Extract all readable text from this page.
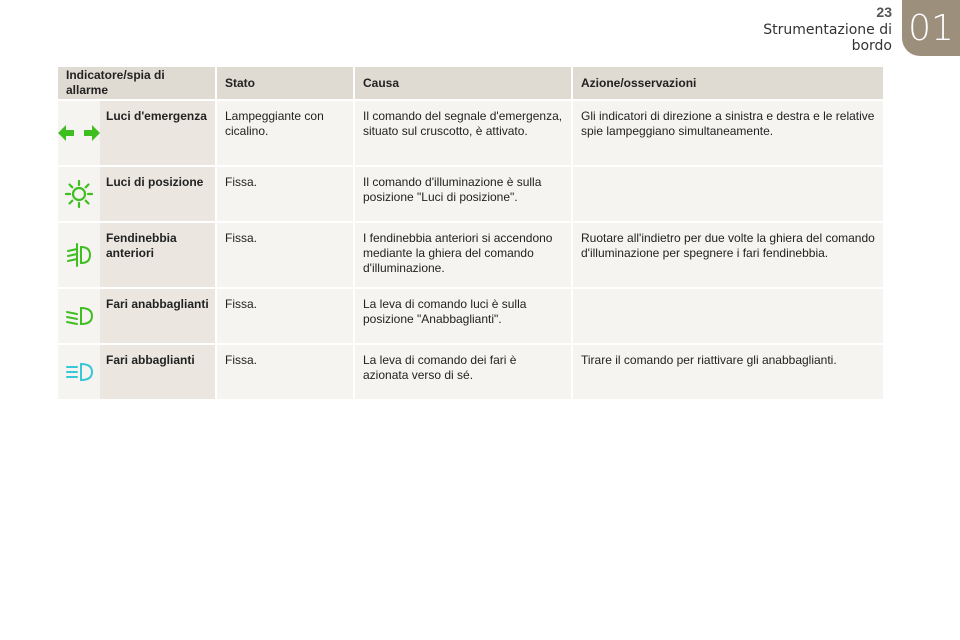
23
Strumentazione di bordo 01
Indicatore/spia di allarme	Stato	Causa	Azione/osservazioni

Luci d'emergenza	Lampeggiante con cicalino.	Il comando del segnale d'emergenza, situato sul cruscotto, è attivato.	Gli indicatori di direzione a sinistra e destra e le relative spie lampeggiano simultaneamente.

Luci di posizione	Fissa.	Il comando d'illuminazione è sulla posizione "Luci di posizione".	

Fendinebbia anteriori	Fissa.	I fendinebbia anteriori si accendono mediante la ghiera del comando d'illuminazione.	Ruotare all'indietro per due volte la ghiera del comando d'illuminazione per spegnere i fari fendinebbia.

Fari anabbaglianti	Fissa.	La leva di comando luci è sulla posizione "Anabbaglianti".	

Fari abbaglianti	Fissa.	La leva di comando dei fari è azionata verso di sé.	Tirare il comando per riattivare gli anabbaglianti.
